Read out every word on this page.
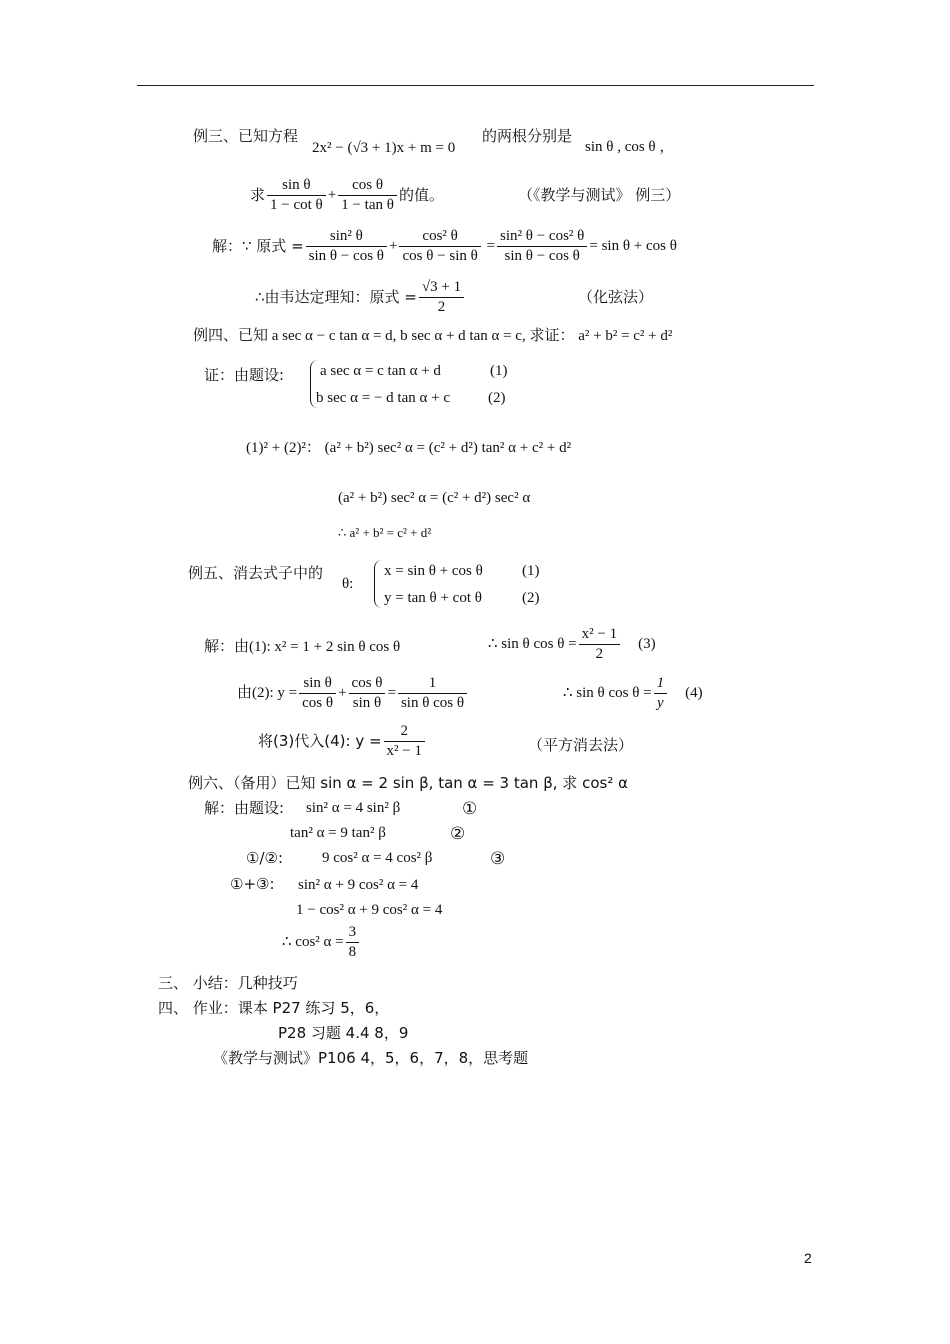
例三、已知方程
2x² − (√3 + 1)x + m = 0
的两根分别是
sin θ , cos θ ，
求 $\frac{\text{sin θ}}{\text{1 − cot θ}} + \frac{\text{cos θ}}{\text{1 − tan θ}}$ 的值。	（《教学与测试》 例三）
解：∵ 原式 = $\frac{\text{sin² θ}}{\text{sin θ − cos θ}} + \frac{\text{cos² θ}}{\text{cos θ − sin θ}} = \frac{\text{sin² θ − cos² θ}}{\text{sin θ − cos θ}} = \sin \theta + \cos \theta$
∴由韦达定理知：原式 = $\frac{√3 + 1}{2}$	（化弦法）
例四、已知 a sec α − c tan α = d, b sec α + d tan α = c, 求证： a² + b² = c² + d²
证：由题设: a sec α = c tan α + d	(1)
b sec α = − d tan α + c	(2)
(1)² + (2)²： (a² + b²) sec² α = (c² + d²) tan² α + c² + d²
(a² + b²) sec² α = (c² + d²) sec² α
∴ a² + b² = c² + d²
例五、消去式子中的
θ:
x = sin θ + cos θ	(1)
y = tan θ + cot θ	(2)
解：由(1): x² = 1 + 2 sin θ cos θ	∴ sin θ $\cos \theta = \frac{\text{x² − 1}}{2} (3)$
由(2): $y = \frac{\text{sin θ}}{\text{cos θ}} + \frac{\text{cos θ}}{\text{sin θ}} = \frac{1}{\text{sin θ cos θ}}$	∴ sin θ $\cos \theta = \frac{1}{y} (4)$
将(3)代入(4): $y = \frac{2}{\text{x² − 1}}$	（平方消去法）
例六、（备用）已知 sin α = 2 sin β, tan α = 3 tan β, 求 cos² α
解：由题设: sin² α = 4 sin² β	①
tan² α = 9 tan² β	②
①/②:	9 cos² α = 4 cos² β	③
①+③: sin² α + 9 cos² α = 4
1 − cos² α + 9 cos² α = 4
∴ cos² $\alpha = \frac{3}{8}$
三、 小结：几种技巧
四、 作业：课本 P27 练习 5，6，
P28 习题 4.4 8，9
《教学与测试》P106 4，5，6，7，8，思考题
2
